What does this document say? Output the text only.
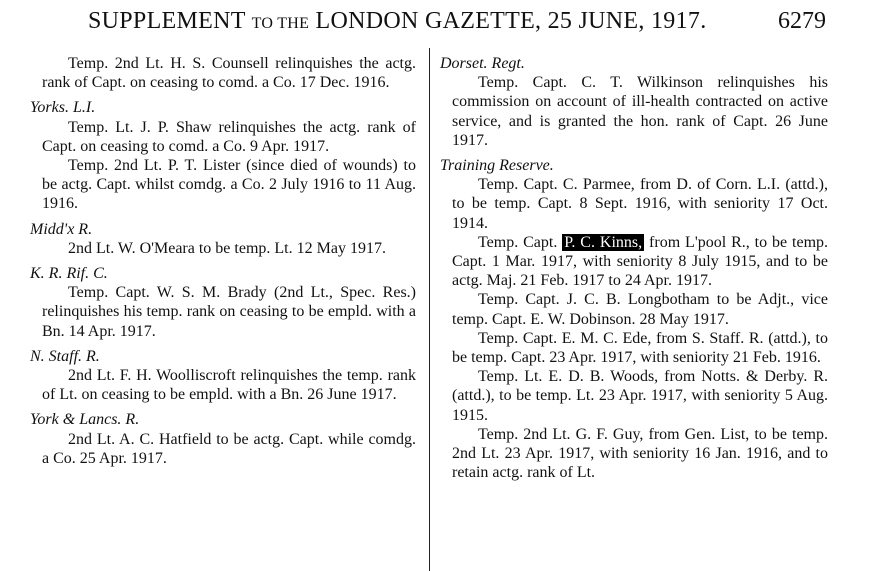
SUPPLEMENT TO THE LONDON GAZETTE, 25 JUNE, 1917.	6279
Temp. 2nd Lt. H. S. Counsell relinquishes the actg. rank of Capt. on ceasing to comd. a Co. 17 Dec. 1916.
Yorks. L.I.
Temp. Lt. J. P. Shaw relinquishes the actg. rank of Capt. on ceasing to comd. a Co. 9 Apr. 1917.
Temp. 2nd Lt. P. T. Lister (since died of wounds) to be actg. Capt. whilst comdg. a Co. 2 July 1916 to 11 Aug. 1916.
Midd'x R.
2nd Lt. W. O'Meara to be temp. Lt. 12 May 1917.
K. R. Rif. C.
Temp. Capt. W. S. M. Brady (2nd Lt., Spec. Res.) relinquishes his temp. rank on ceasing to be empld. with a Bn. 14 Apr. 1917.
N. Staff. R.
2nd Lt. F. H. Woolliscroft relinquishes the temp. rank of Lt. on ceasing to be empld. with a Bn. 26 June 1917.
York & Lancs. R.
2nd Lt. A. C. Hatfield to be actg. Capt. while comdg. a Co. 25 Apr. 1917.
Dorset. Regt.
Temp. Capt. C. T. Wilkinson relinquishes his commission on account of ill-health contracted on active service, and is granted the hon. rank of Capt. 26 June 1917.
Training Reserve.
Temp. Capt. C. Parmee, from D. of Corn. L.I. (attd.), to be temp. Capt. 8 Sept. 1916, with seniority 17 Oct. 1914.
Temp. Capt. P. C. Kinns, from L'pool R., to be temp. Capt. 1 Mar. 1917, with seniority 8 July 1915, and to be actg. Maj. 21 Feb. 1917 to 24 Apr. 1917.
Temp. Capt. J. C. B. Longbotham to be Adjt., vice temp. Capt. E. W. Dobinson. 28 May 1917.
Temp. Capt. E. M. C. Ede, from S. Staff. R. (attd.), to be temp. Capt. 23 Apr. 1917, with seniority 21 Feb. 1916.
Temp. Lt. E. D. B. Woods, from Notts. & Derby. R. (attd.), to be temp. Lt. 23 Apr. 1917, with seniority 5 Aug. 1915.
Temp. 2nd Lt. G. F. Guy, from Gen. List, to be temp. 2nd Lt. 23 Apr. 1917, with seniority 16 Jan. 1916, and to retain actg. rank of Lt.
